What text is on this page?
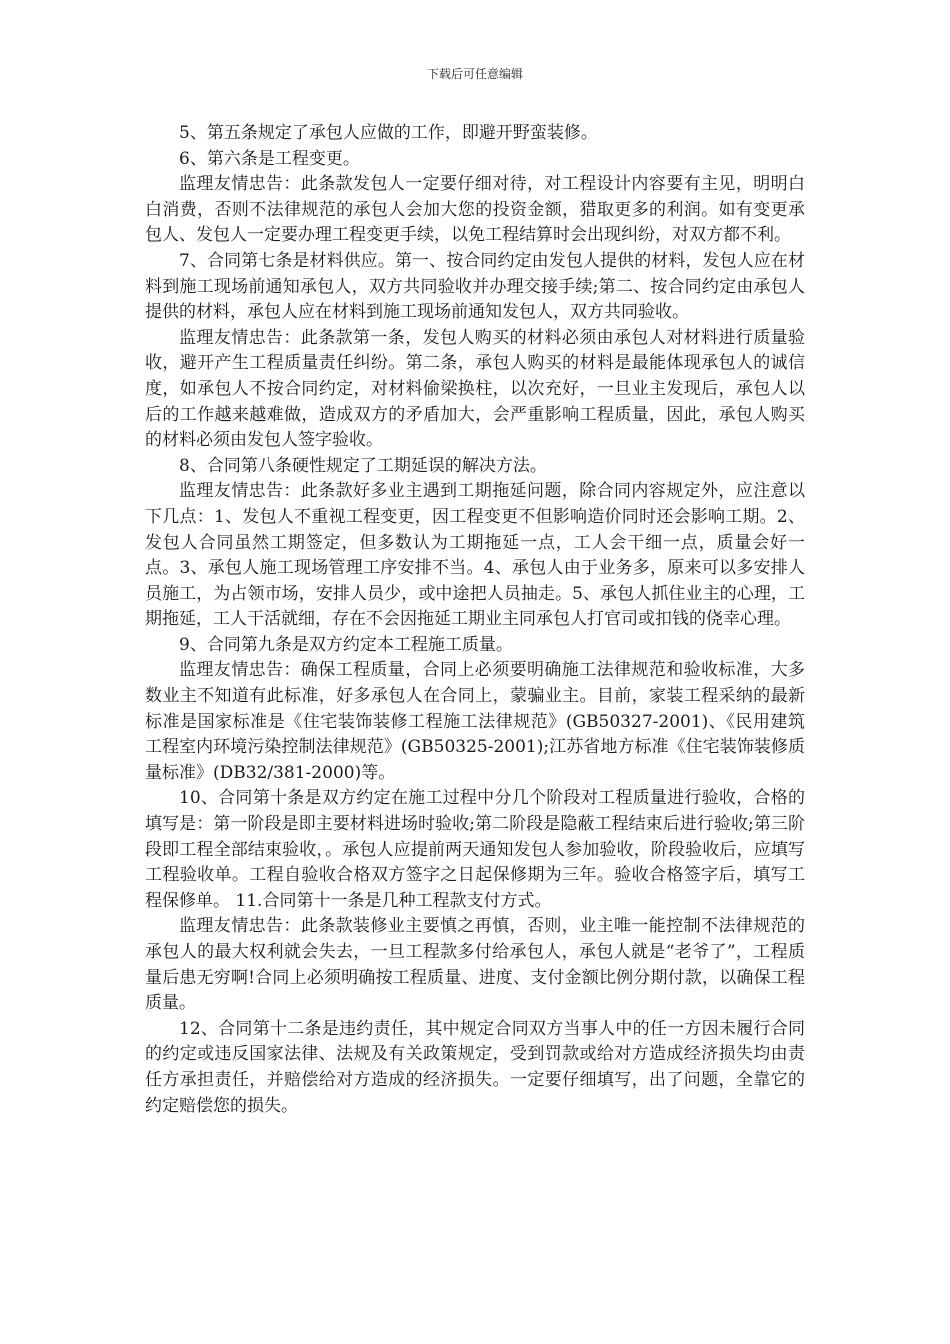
下载后可任意编辑

5、第五条规定了承包人应做的工作，即避开野蛮装修。

6、第六条是工程变更。

监理友情忠告：此条款发包人一定要仔细对待，对工程设计内容要有主见，明明白白消费，否则不法律规范的承包人会加大您的投资金额，猎取更多的利润。如有变更承包人、发包人一定要办理工程变更手续，以免工程结算时会出现纠纷，对双方都不利。

7、合同第七条是材料供应。第一、按合同约定由发包人提供的材料，发包人应在材料到施工现场前通知承包人，双方共同验收并办理交接手续;第二、按合同约定由承包人提供的材料，承包人应在材料到施工现场前通知发包人，双方共同验收。

监理友情忠告：此条款第一条，发包人购买的材料必须由承包人对材料进行质量验收，避开产生工程质量责任纠纷。第二条，承包人购买的材料是最能体现承包人的诚信度，如承包人不按合同约定，对材料偷梁换柱，以次充好，一旦业主发现后，承包人以后的工作越来越难做，造成双方的矛盾加大，会严重影响工程质量，因此，承包人购买的材料必须由发包人签字验收。

8、合同第八条硬性规定了工期延误的解决方法。

监理友情忠告：此条款好多业主遇到工期拖延问题，除合同内容规定外，应注意以下几点：1、发包人不重视工程变更，因工程变更不但影响造价同时还会影响工期。2、发包人合同虽然工期签定，但多数认为工期拖延一点，工人会干细一点，质量会好一点。3、承包人施工现场管理工序安排不当。4、承包人由于业务多，原来可以多安排人员施工，为占领市场，安排人员少，或中途把人员抽走。5、承包人抓住业主的心理，工期拖延，工人干活就细，存在不会因拖延工期业主同承包人打官司或扣钱的侥幸心理。

9、合同第九条是双方约定本工程施工质量。

监理友情忠告：确保工程质量，合同上必须要明确施工法律规范和验收标准，大多数业主不知道有此标准，好多承包人在合同上，蒙骗业主。目前，家装工程采纳的最新标准是国家标准是《住宅装饰装修工程施工法律规范》(GB50327-2001)、《民用建筑工程室内环境污染控制法律规范》(GB50325-2001);江苏省地方标准《住宅装饰装修质量标准》(DB32/381-2000)等。

10、合同第十条是双方约定在施工过程中分几个阶段对工程质量进行验收，合格的填写是：第一阶段是即主要材料进场时验收;第二阶段是隐蔽工程结束后进行验收;第三阶段即工程全部结束验收，。承包人应提前两天通知发包人参加验收，阶段验收后，应填写工程验收单。工程自验收合格双方签字之日起保修期为三年。验收合格签字后，填写工程保修单。 11.合同第十一条是几种工程款支付方式。

监理友情忠告：此条款装修业主要慎之再慎，否则，业主唯一能控制不法律规范的承包人的最大权利就会失去，一旦工程款多付给承包人，承包人就是“老爷了”，工程质量后患无穷啊!合同上必须明确按工程质量、进度、支付金额比例分期付款，以确保工程质量。

12、合同第十二条是违约责任，其中规定合同双方当事人中的任一方因未履行合同的约定或违反国家法律、法规及有关政策规定，受到罚款或给对方造成经济损失均由责任方承担责任，并赔偿给对方造成的经济损失。一定要仔细填写，出了问题，全靠它的约定赔偿您的损失。
